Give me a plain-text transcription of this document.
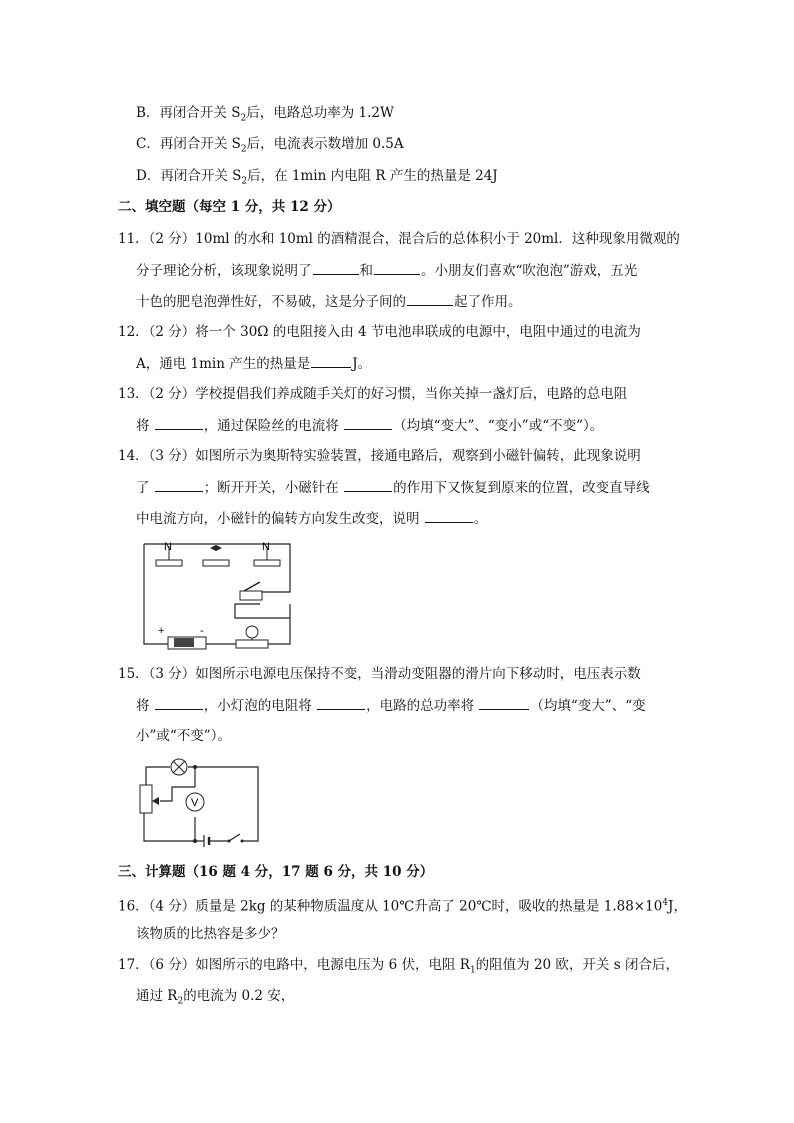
B．再闭合开关 $S_2$后，电路总功率为 1.2W
C．再闭合开关 $S_2$后，电流表示数增加 0.5A
D．再闭合开关 $S_2$后，在 1min 内电阻 R 产生的热量是 24J
二、填空题（每空 1 分，共 12 分）
11．（2 分）10ml 的水和 10ml 的酒精混合，混合后的总体积小于 20ml．这种现象用微观的
分子理论分析，该现象说明了	和	。小朋友们喜欢“吹泡泡”游戏，五光
十色的肥皂泡弹性好，不易破，这是分子间的	起了作用。
12．（2 分）将一个 30Ω 的电阻接入由 4 节电池串联成的电源中，电阻中通过的电流为
A，通电 1min 产生的热量是	J。
13．（2 分）学校提倡我们养成随手关灯的好习惯，当你关掉一盏灯后，电路的总电阻
将	，通过保险丝的电流将	（均填“变大”、“变小”或“不变”）。
14．（3 分）如图所示为奥斯特实验装置，接通电路后，观察到小磁针偏转，此现象说明
了	；断开开关，小磁针在	的作用下又恢复到原来的位置，改变直导线
中电流方向，小磁针的偏转方向发生改变，说明	。
N	N
+	-
15．（3 分）如图所示电源电压保持不变，当滑动变阻器的滑片向下移动时，电压表示数
将	，小灯泡的电阻将	，电路的总功率将	（均填“变大”、“变
小”或“不变”）。
V
三、计算题（16 题 4 分，17 题 6 分，共 10 分）
16．（4 分）质量是 2kg 的某种物质温度从 10℃升高了 20℃时，吸收的热量是 $1.88\times 10^4J$，
该物质的比热容是多少？
17．（6 分）如图所示的电路中，电源电压为 6 伏，电阻 $R_1$的阻值为 20 欧，开关 s 闭合后，
通过 $R_2$的电流为 0.2 安，
